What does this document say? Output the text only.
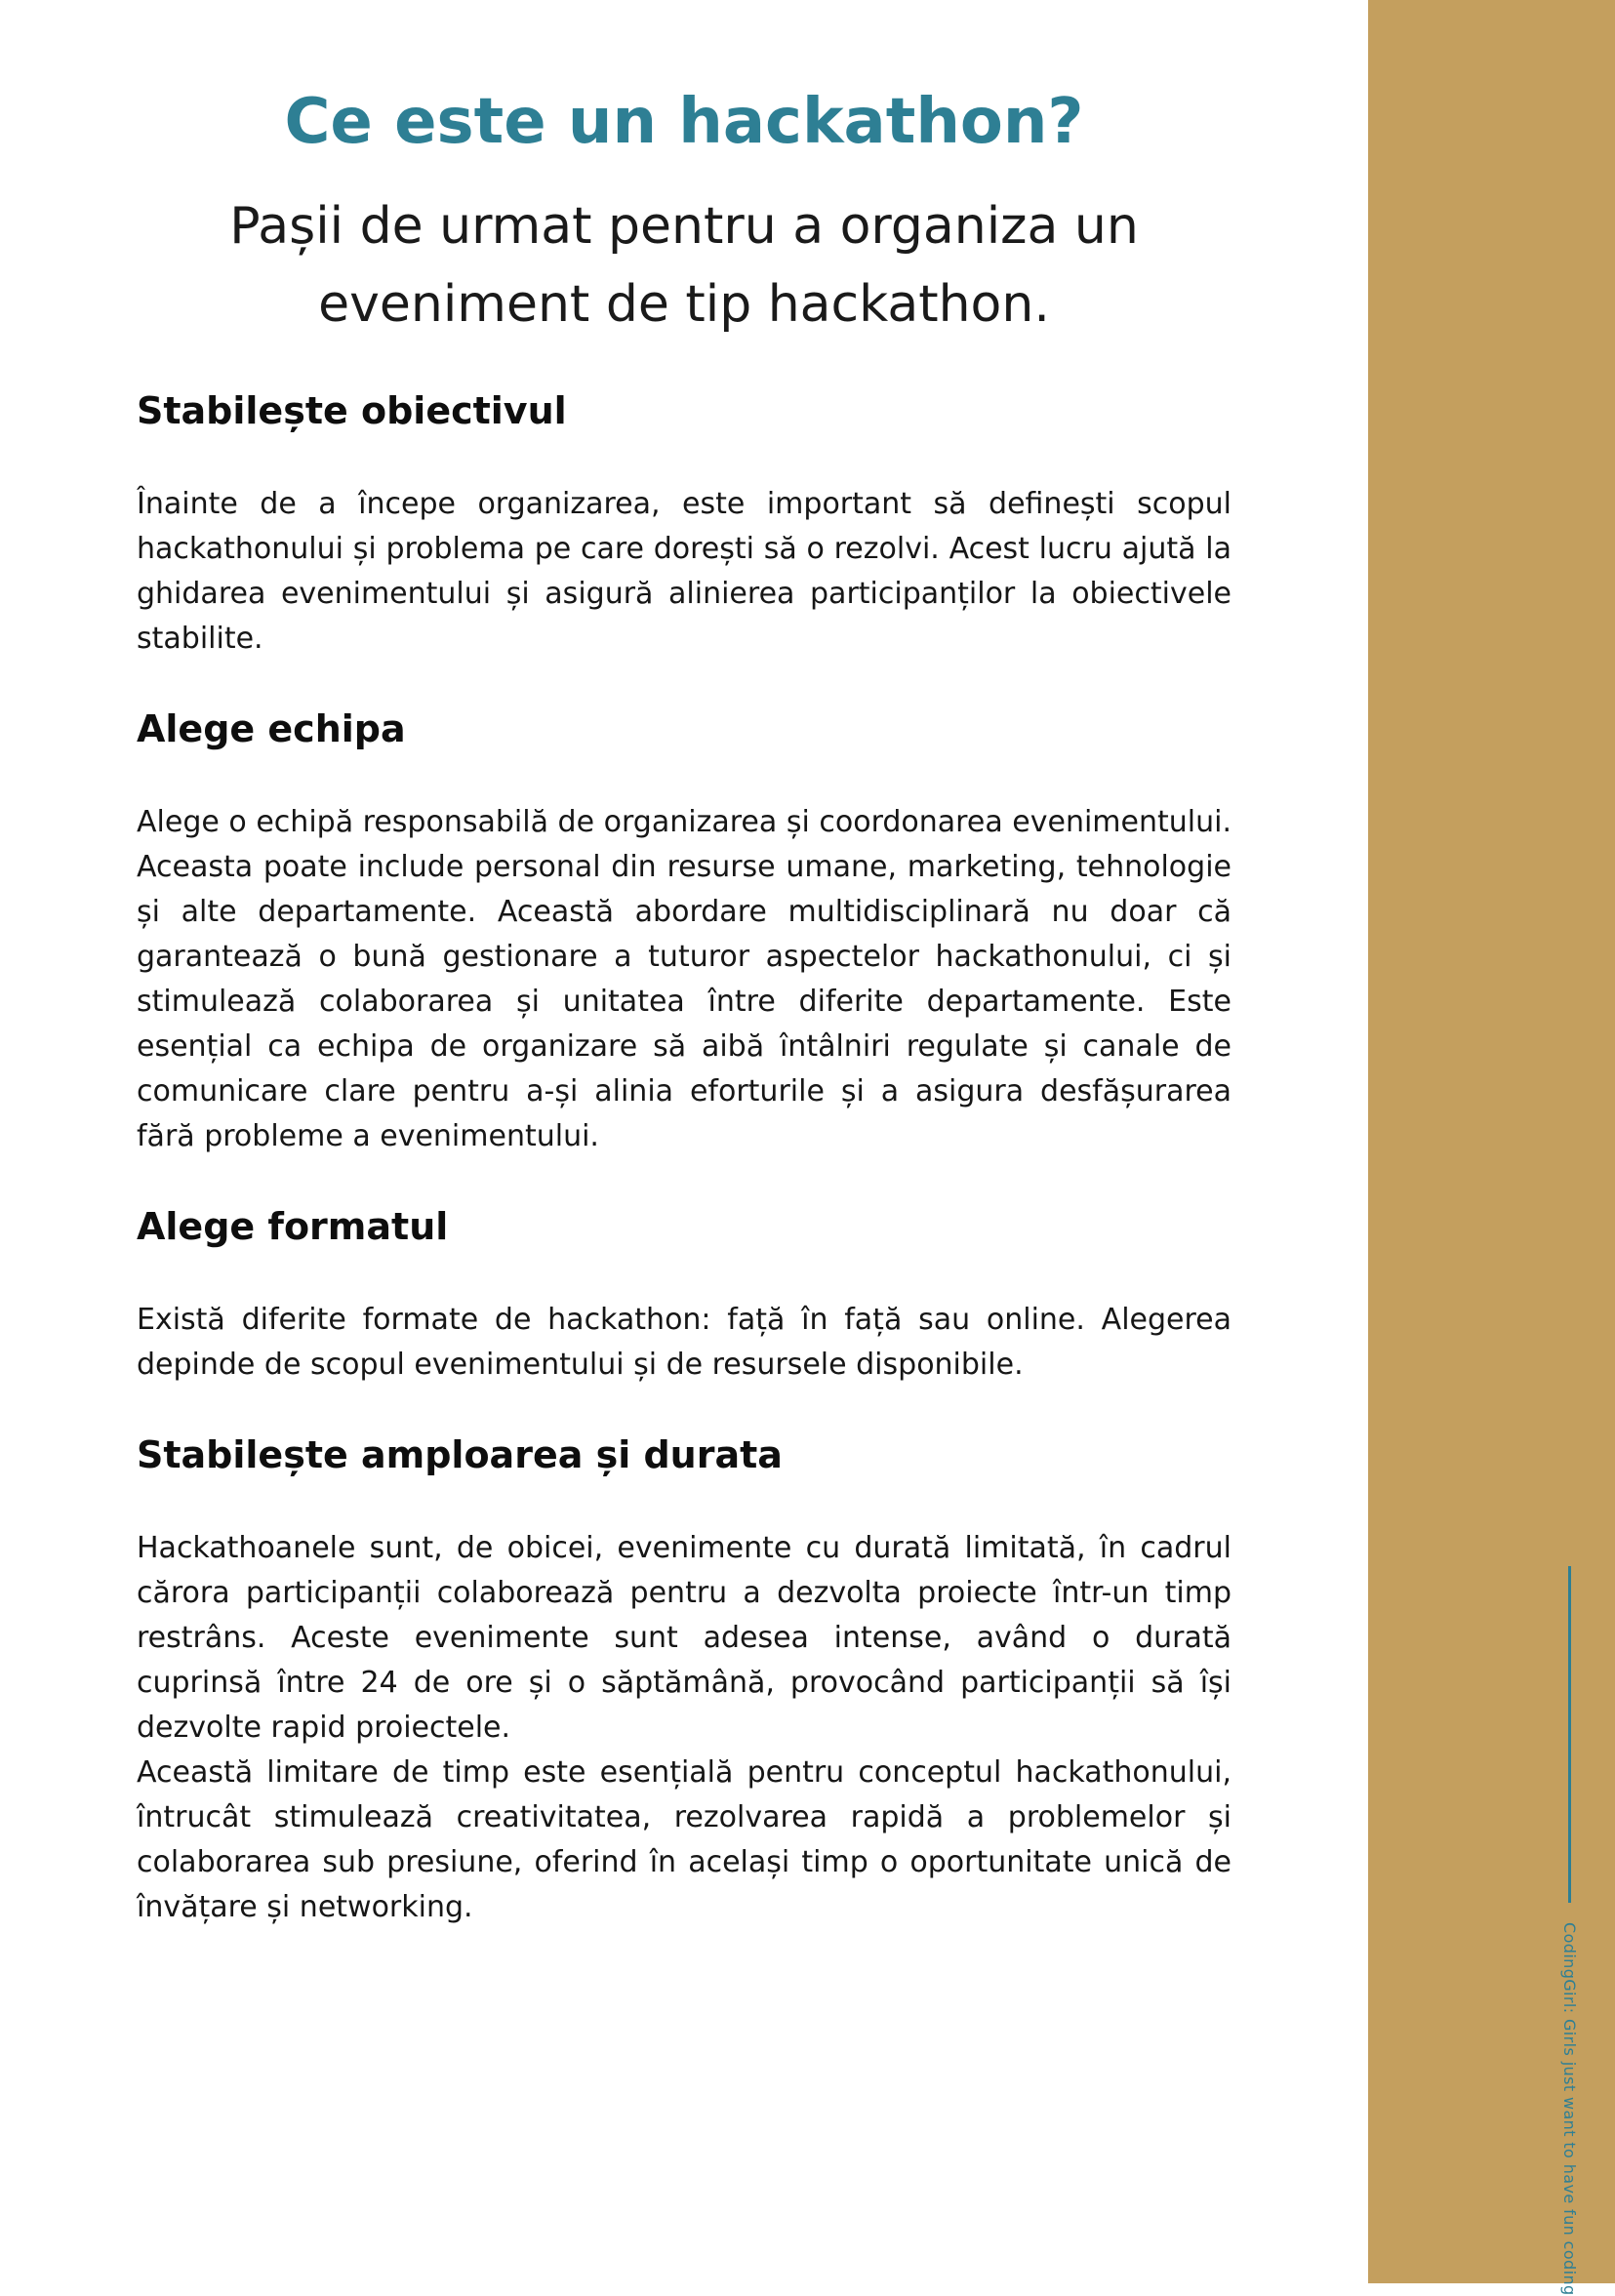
Ce este un hackathon?
Pașii de urmat pentru a organiza un
eveniment de tip hackathon.
Stabilește obiectivul

Înainte de a începe organizarea, este important să definești scopul hackathonului și problema pe care dorești să o rezolvi. Acest lucru ajută la ghidarea evenimentului și asigură alinierea participanților la obiectivele stabilite.

Alege echipa

Alege o echipă responsabilă de organizarea și coordonarea evenimentului. Aceasta poate include personal din resurse umane, marketing, tehnologie și alte departamente. Această abordare multidisciplinară nu doar că garantează o bună gestionare a tuturor aspectelor hackathonului, ci și stimulează colaborarea și unitatea între diferite departamente. Este esențial ca echipa de organizare să aibă întâlniri regulate și canale de comunicare clare pentru a-și alinia eforturile și a asigura desfășurarea fără probleme a evenimentului.

Alege formatul

Există diferite formate de hackathon: față în față sau online. Alegerea depinde de scopul evenimentului și de resursele disponibile.

Stabilește amploarea și durata

Hackathoanele sunt, de obicei, evenimente cu durată limitată, în cadrul cărora participanții colaborează pentru a dezvolta proiecte într-un timp restrâns. Aceste evenimente sunt adesea intense, având o durată cuprinsă între 24 de ore și o săptămână, provocând participanții să își dezvolte rapid proiectele.

Această limitare de timp este esențială pentru conceptul hackathonului, întrucât stimulează creativitatea, rezolvarea rapidă a problemelor și colaborarea sub presiune, oferind în același timp o oportunitate unică de învățare și networking.

CodingGirl: Girls just want to have fun coding
